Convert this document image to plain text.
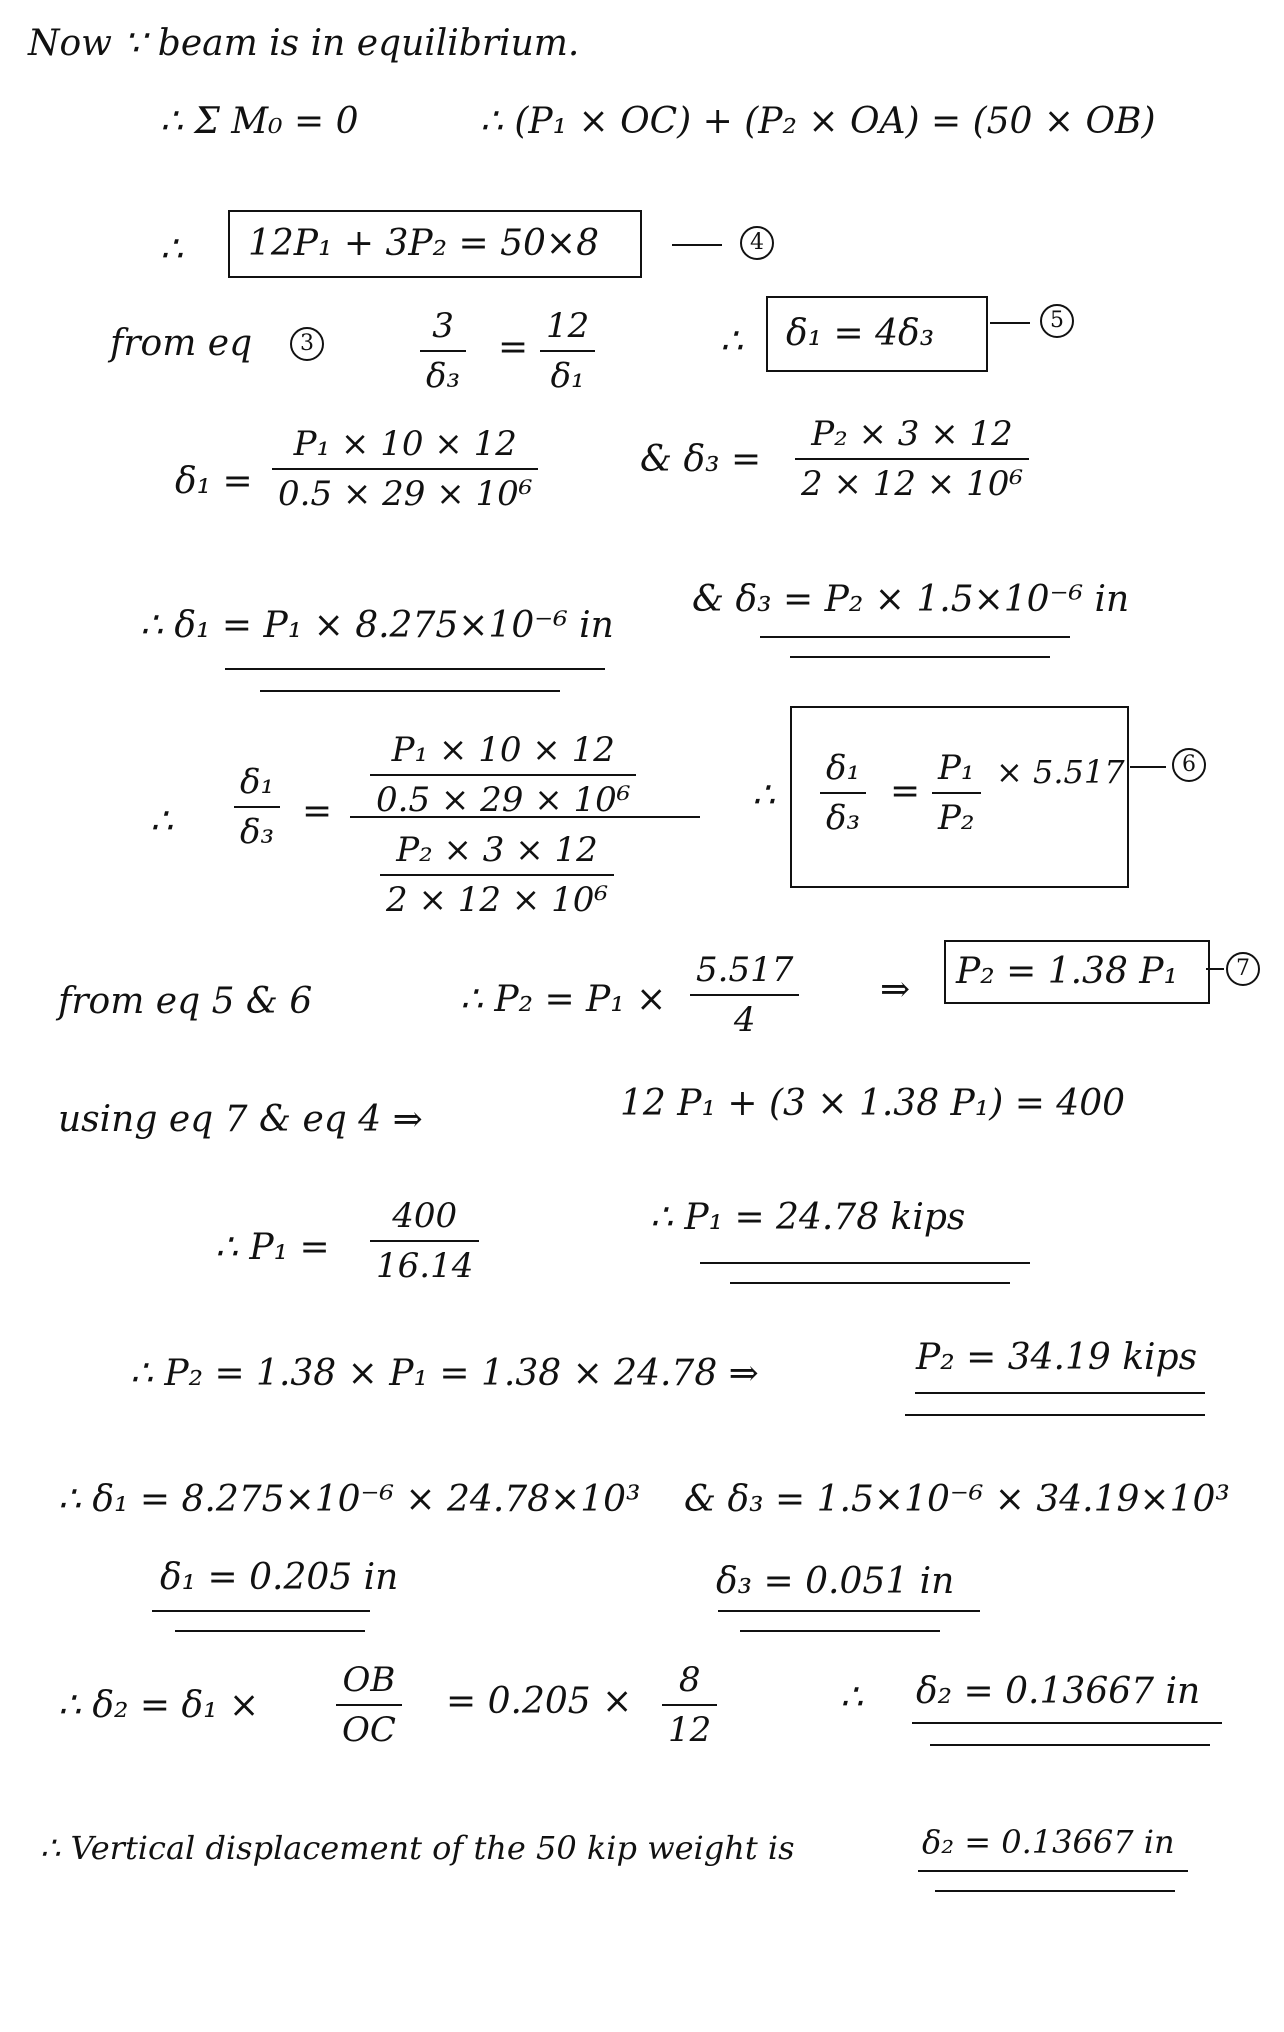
Now ∵ beam is in equilibrium.
∴ Σ M₀ = 0	∴ (P₁ × OC) + (P₂ × OA) = (50 × OB)
∴ 12P₁ + 3P₂ = 50×8	4
from eq	3	3
δ₃
=
12
δ₁
∴ δ₁ = 4δ₃	5
δ₁ =
P₁ × 10 × 12
0.5 × 29 × 10⁶
& δ₃ =
P₂ × 3 × 12
2 × 12 × 10⁶
∴ δ₁ = P₁ × 8.275×10⁻⁶ in
& δ₃ = P₂ × 1.5×10⁻⁶ in
∴
δ₁
δ₃ =
P₁ × 10 × 12
0.5 × 29 × 10⁶
P₂ × 3 × 12
2 × 12 × 10⁶
∴
δ₁
δ₃
=
P₁
P₂
× 5.517	6
from eq 5 & 6	∴ P₂ = P₁ ×
5.517
4
⇒ P₂ = 1.38 P₁	7
using eq 7 & eq 4 ⇒	12 P₁ + (3 × 1.38 P₁) = 400
∴ P₁ =
400
16.14
∴ P₁ = 24.78 kips
∴ P₂ = 1.38 × P₁ = 1.38 × 24.78 ⇒	P₂ = 34.19 kips
∴ δ₁ = 8.275×10⁻⁶ × 24.78×10³ & δ₃ = 1.5×10⁻⁶ × 34.19×10³
δ₁ = 0.205 in	δ₃ = 0.051 in
∴ δ₂ = δ₁ ×
OB
OC
= 0.205 ×
8
12
∴ δ₂ = 0.13667 in
∴ Vertical displacement of the 50 kip weight is	δ₂ = 0.13667 in
